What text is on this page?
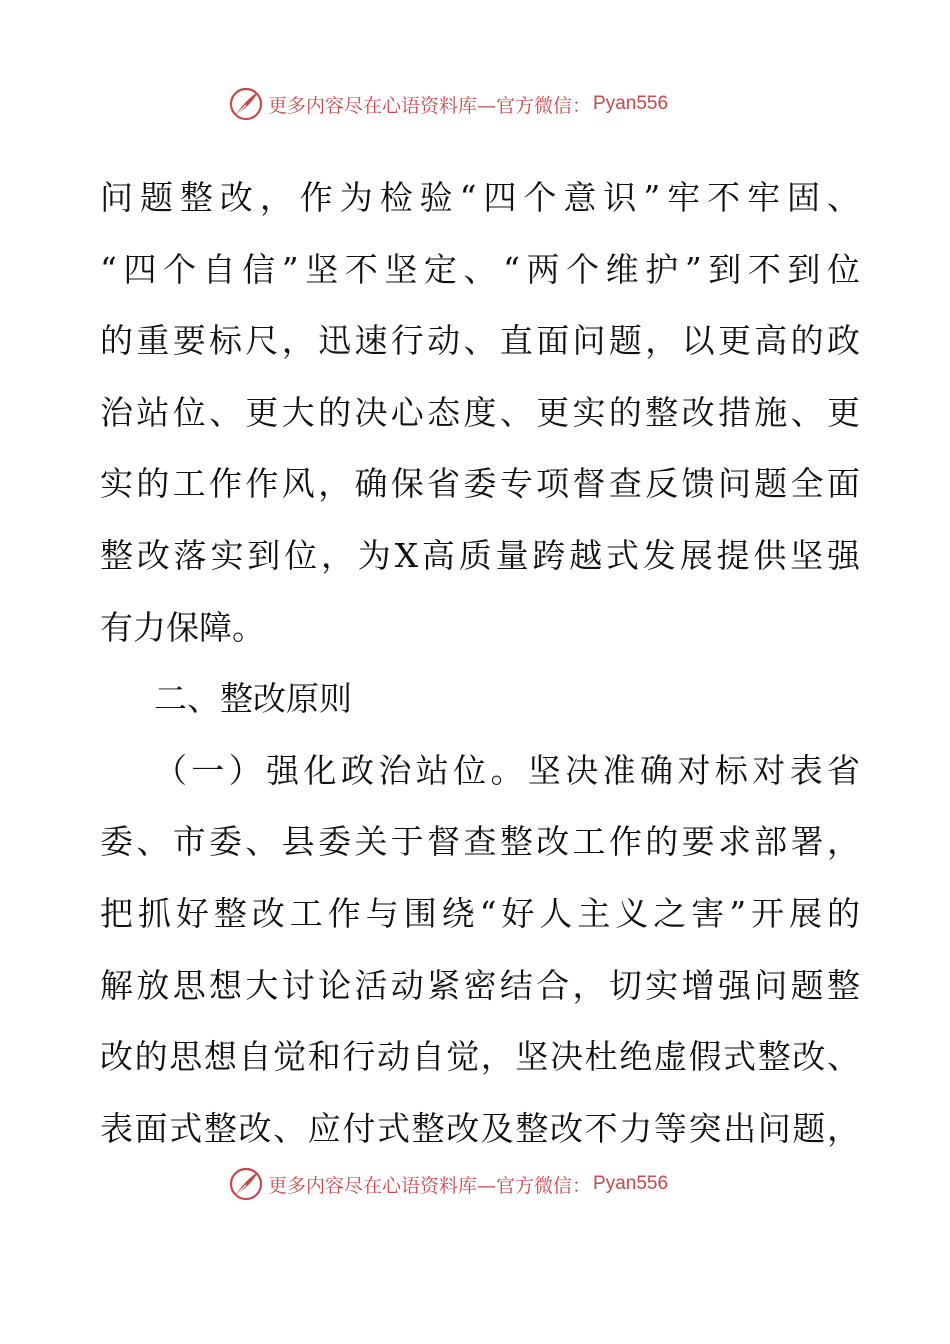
更多内容尽在心语资料库—官方微信： Pyan556
问题整改，作为检验“四个意识”牢不牢固、
“四个自信”坚不坚定、“两个维护”到不到位
的重要标尺，迅速行动、直面问题，以更高的政
治站位、更大的决心态度、更实的整改措施、更
实的工作作风，确保省委专项督查反馈问题全面
整改落实到位，为X高质量跨越式发展提供坚强
有力保障。
二、整改原则
（一）强化政治站位。坚决准确对标对表省
委、市委、县委关于督查整改工作的要求部署，
把抓好整改工作与围绕“好人主义之害”开展的
解放思想大讨论活动紧密结合，切实增强问题整
改的思想自觉和行动自觉，坚决杜绝虚假式整改、
表面式整改、应付式整改及整改不力等突出问题，
更多内容尽在心语资料库—官方微信： Pyan556
